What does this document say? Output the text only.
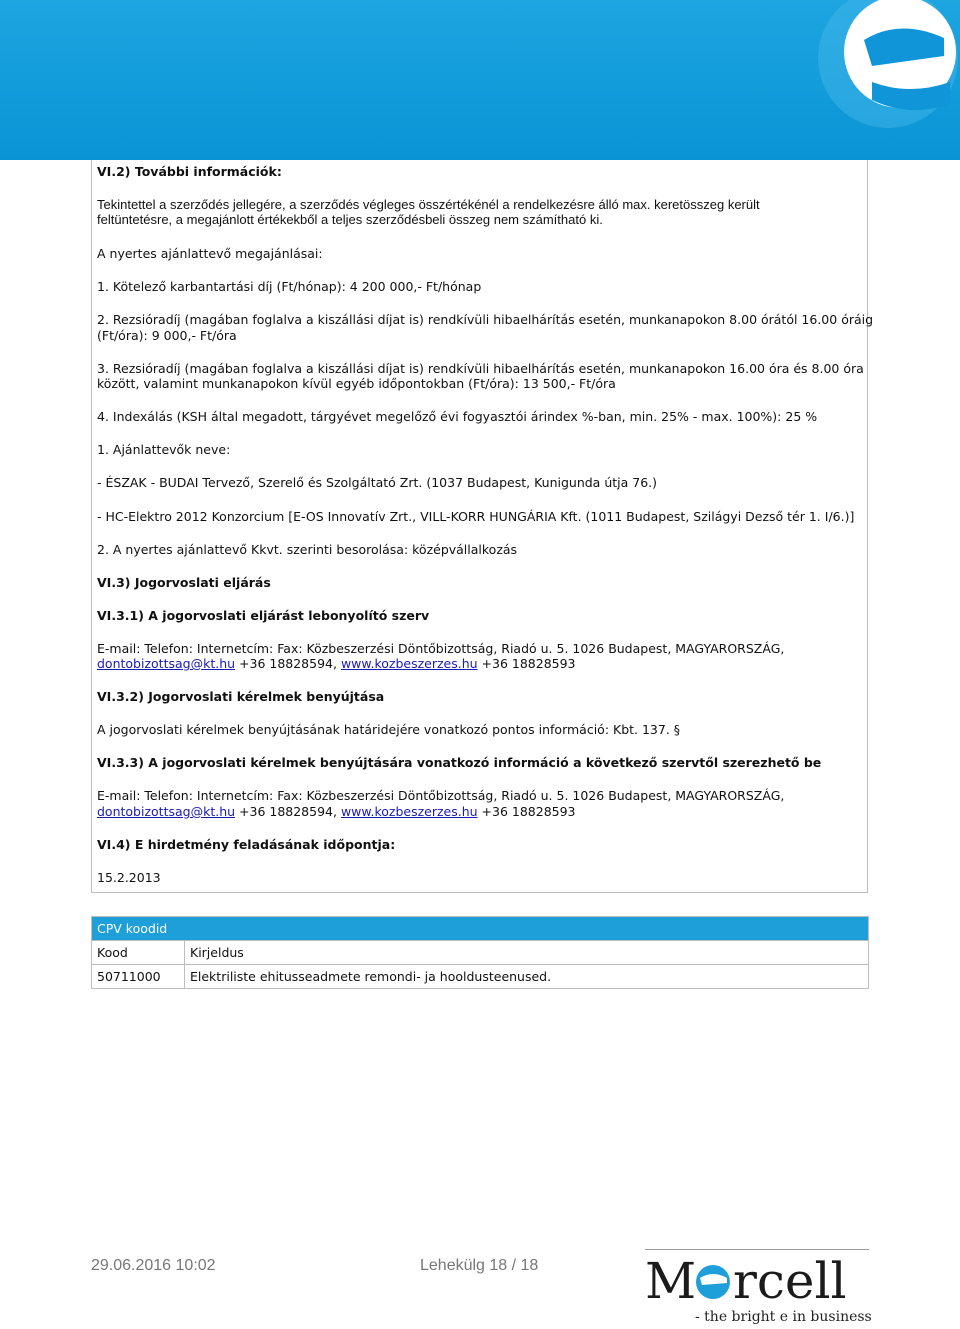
VI.2) További információk:
Tekintettel a szerződés jellegére, a szerződés végleges összértékénél a rendelkezésre álló max. keretösszeg került
feltüntetésre, a megajánlott értékekből a teljes szerződésbeli összeg nem számítható ki.
A nyertes ajánlattevő megajánlásai:
1. Kötelező karbantartási díj (Ft/hónap): 4 200 000,- Ft/hónap
2. Rezsióradíj (magában foglalva a kiszállási díjat is) rendkívüli hibaelhárítás esetén, munkanapokon 8.00 órától 16.00 óráig
(Ft/óra): 9 000,- Ft/óra
3. Rezsióradíj (magában foglalva a kiszállási díjat is) rendkívüli hibaelhárítás esetén, munkanapokon 16.00 óra és 8.00 óra
között, valamint munkanapokon kívül egyéb időpontokban (Ft/óra): 13 500,- Ft/óra
4. Indexálás (KSH által megadott, tárgyévet megelőző évi fogyasztói árindex %-ban, min. 25% - max. 100%): 25 %
1. Ajánlattevők neve:
- ÉSZAK - BUDAI Tervező, Szerelő és Szolgáltató Zrt. (1037 Budapest, Kunigunda útja 76.)
- HC-Elektro 2012 Konzorcium [E-OS Innovatív Zrt., VILL-KORR HUNGÁRIA Kft. (1011 Budapest, Szilágyi Dezső tér 1. I/6.)]
2. A nyertes ajánlattevő Kkvt. szerinti besorolása: középvállalkozás
VI.3) Jogorvoslati eljárás
VI.3.1) A jogorvoslati eljárást lebonyolító szerv
E-mail: Telefon: Internetcím: Fax: Közbeszerzési Döntőbizottság, Riadó u. 5. 1026 Budapest, MAGYARORSZÁG,
dontobizottsag@kt.hu +36 18828594, www.kozbeszerzes.hu +36 18828593
VI.3.2) Jogorvoslati kérelmek benyújtása
A jogorvoslati kérelmek benyújtásának határidejére vonatkozó pontos információ: Kbt. 137. §
VI.3.3) A jogorvoslati kérelmek benyújtására vonatkozó információ a következő szervtől szerezhető be
E-mail: Telefon: Internetcím: Fax: Közbeszerzési Döntőbizottság, Riadó u. 5. 1026 Budapest, MAGYARORSZÁG,
dontobizottsag@kt.hu +36 18828594, www.kozbeszerzes.hu +36 18828593
VI.4) E hirdetmény feladásának időpontja:
15.2.2013
CPV koodid	
Kood	Kirjeldus
50711000	Elektriliste ehitusseadmete remondi- ja hooldusteenused.
29.06.2016 10:02	Lehekülg 18 / 18 M rcell
- the bright e in business
